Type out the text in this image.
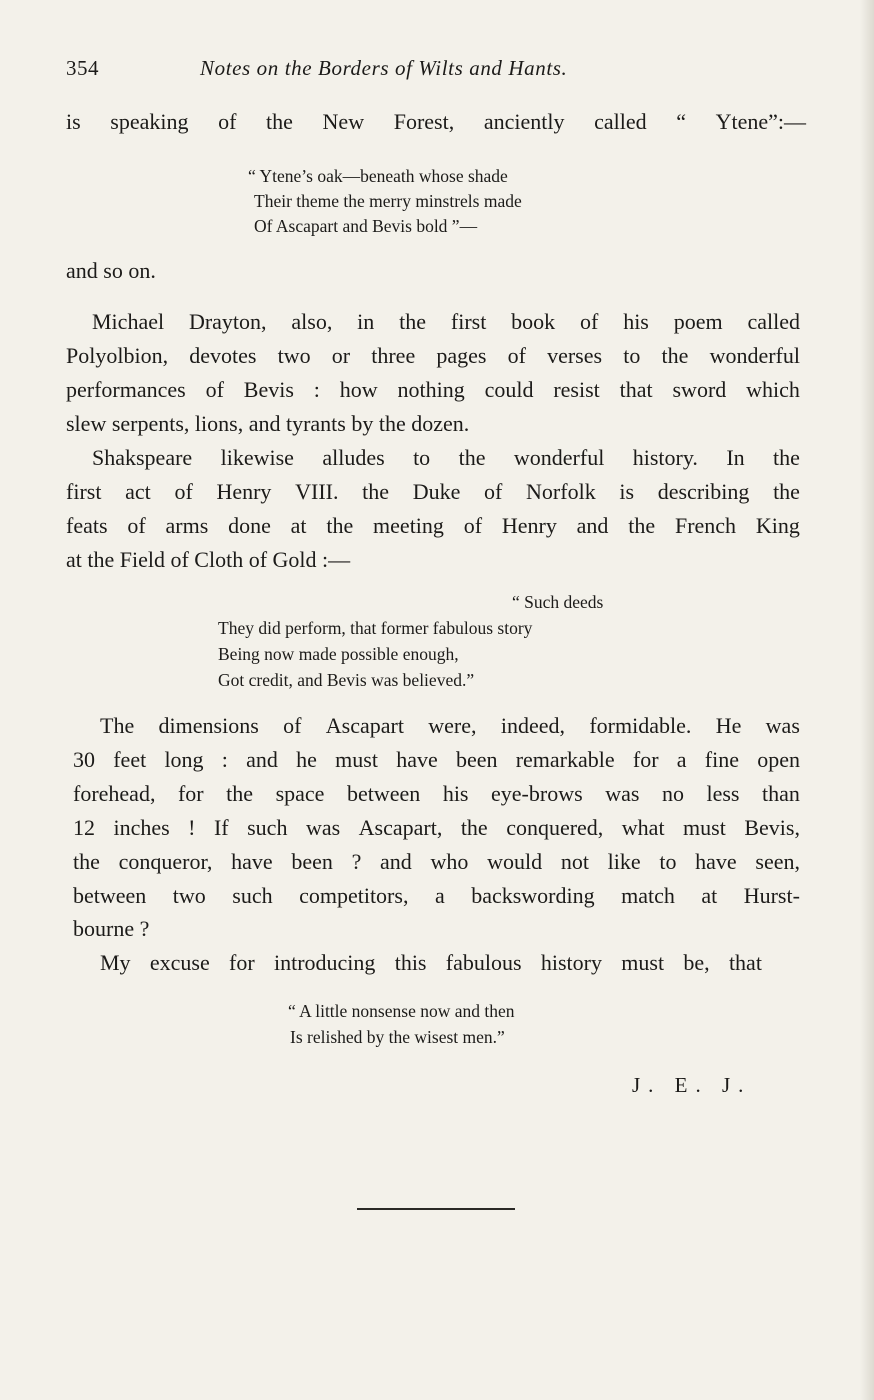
354	Notes on the Borders of Wilts and Hants.
is speaking of the New Forest, anciently called “ Ytene”:—
“ Ytene’s oak—beneath whose shade
Their theme the merry minstrels made
Of Ascapart and Bevis bold ”—
and so on.
Michael Drayton, also, in the first book of his poem called
Polyolbion, devotes two or three pages of verses to the wonderful
performances of Bevis : how nothing could resist that sword which
slew serpents, lions, and tyrants by the dozen.
Shakspeare likewise alludes to the wonderful history. In the
first act of Henry VIII. the Duke of Norfolk is describing the
feats of arms done at the meeting of Henry and the French King
at the Field of Cloth of Gold :—
“ Such deeds
They did perform, that former fabulous story
Being now made possible enough,
Got credit, and Bevis was believed.”
The dimensions of Ascapart were, indeed, formidable. He was
30 feet long : and he must have been remarkable for a fine open
forehead, for the space between his eye-brows was no less than
12 inches ! If such was Ascapart, the conquered, what must Bevis,
the conqueror, have been ? and who would not like to have seen,
between two such competitors, a backswording match at Hurst-
bourne ?
My excuse for introducing this fabulous history must be, that
“ A little nonsense now and then
Is relished by the wisest men.”
J. E. J.
